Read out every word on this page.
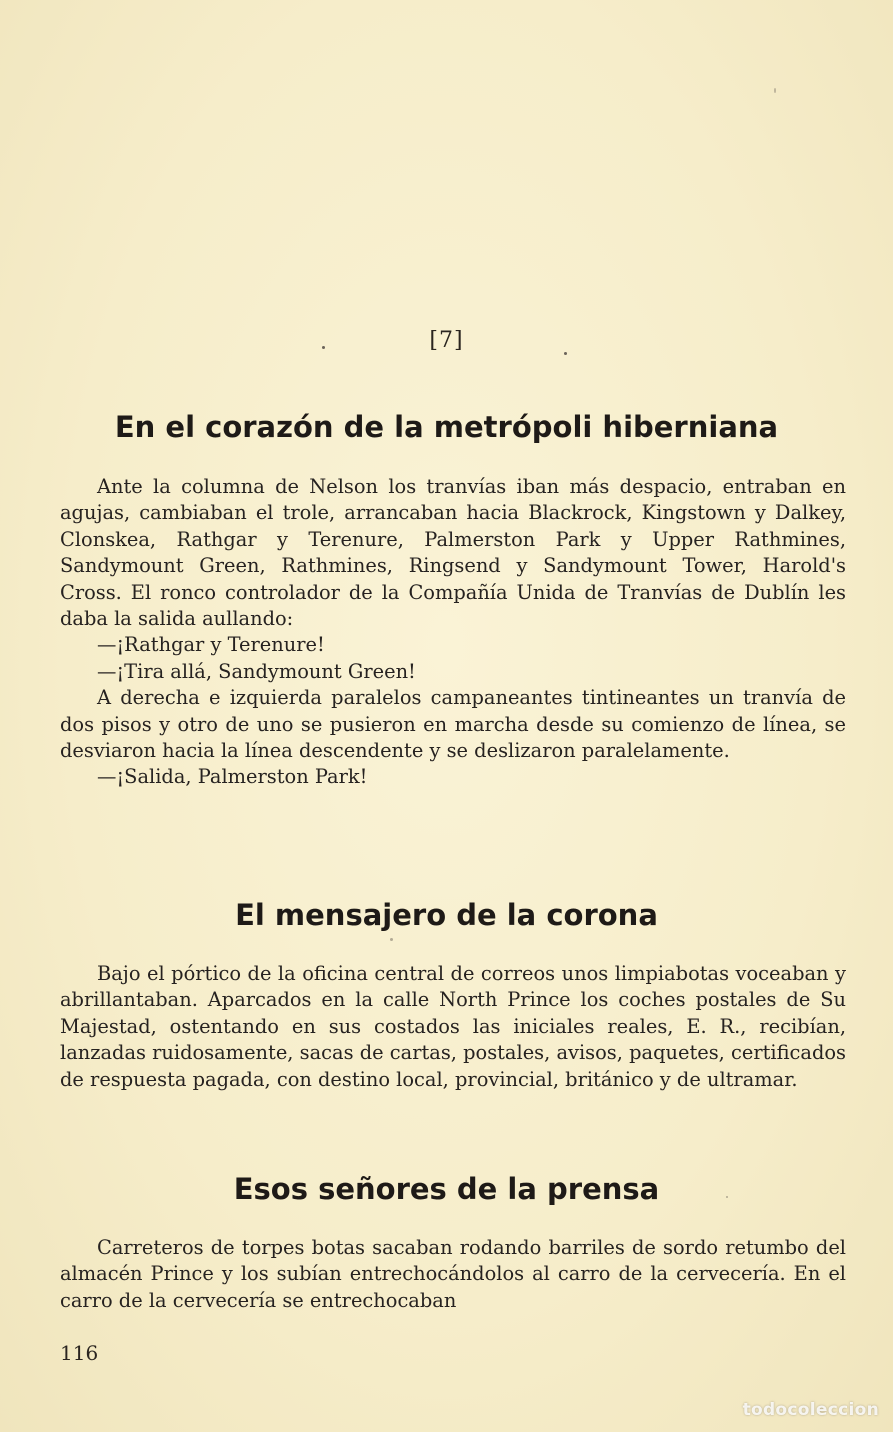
[7]
En el corazón de la metrópoli hiberniana

Ante la columna de Nelson los tranvías iban más despacio, entraban en agujas, cambiaban el trole, arrancaban hacia Blackrock, Kingstown y Dalkey, Clonskea, Rathgar y Terenure, Palmerston Park y Upper Rathmines, Sandymount Green, Rathmines, Ringsend y Sandymount Tower, Harold's Cross. El ronco controlador de la Compañía Unida de Tranvías de Dublín les daba la salida aullando:

—¡Rathgar y Terenure!

—¡Tira allá, Sandymount Green!

A derecha e izquierda paralelos campaneantes tintineantes un tranvía de dos pisos y otro de uno se pusieron en marcha desde su comienzo de línea, se desviaron hacia la línea descendente y se deslizaron paralelamente.

—¡Salida, Palmerston Park!

El mensajero de la corona

Bajo el pórtico de la oficina central de correos unos limpiabotas voceaban y abrillantaban. Aparcados en la calle North Prince los coches postales de Su Majestad, ostentando en sus costados las iniciales reales, E. R., recibían, lanzadas ruidosamente, sacas de cartas, postales, avisos, paquetes, certificados de respuesta pagada, con destino local, provincial, británico y de ultramar.

Esos señores de la prensa

Carreteros de torpes botas sacaban rodando barriles de sordo retumbo del almacén Prince y los subían entrechocándolos al carro de la cervecería. En el carro de la cervecería se entrechocaban

116
todocoleccion
